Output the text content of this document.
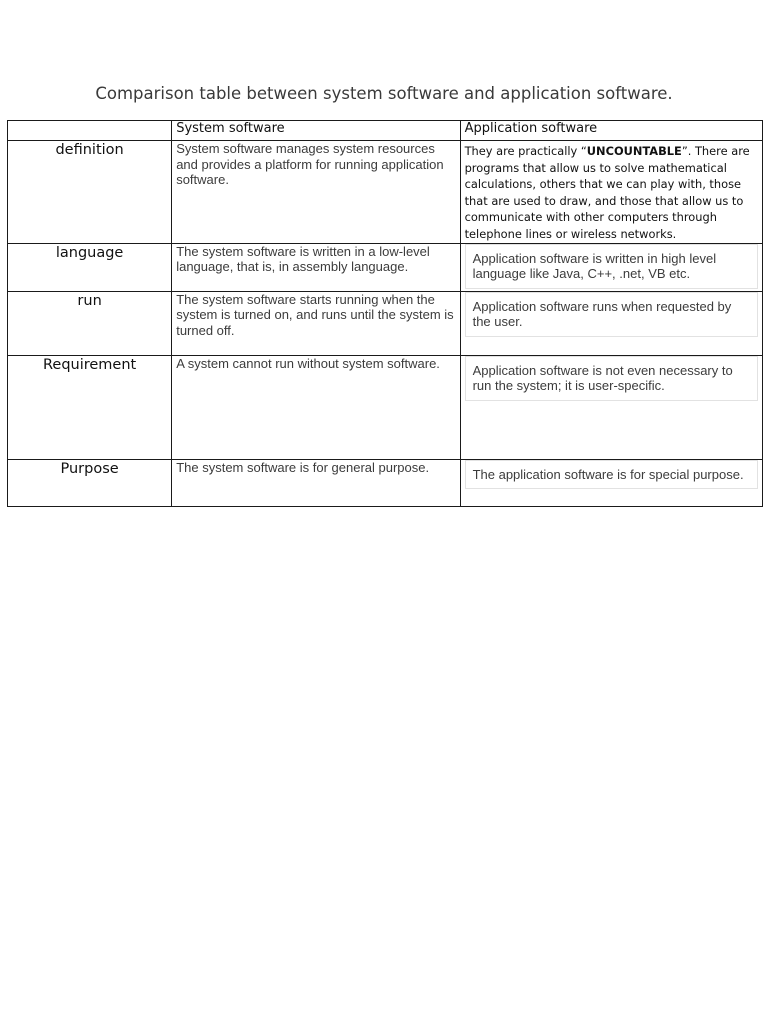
Comparison table between system software and application software.

	System software	Application software

definition	System software manages system resources and provides a platform for running application software.	They are practically “UNCOUNTABLE”. There are programs that allow us to solve mathematical calculations, others that we can play with, those that are used to draw, and those that allow us to communicate with other computers through telephone lines or wireless networks.

language	The system software is written in a low-level language, that is, in assembly language.	Application software is written in high level language like Java, C++, .net, VB etc.

run	The system software starts running when the system is turned on, and runs until the system is turned off.	Application software runs when requested by the user.

Requirement	A system cannot run without system software.	Application software is not even necessary to run the system; it is user-specific.

Purpose	The system software is for general purpose.	The application software is for special purpose.
